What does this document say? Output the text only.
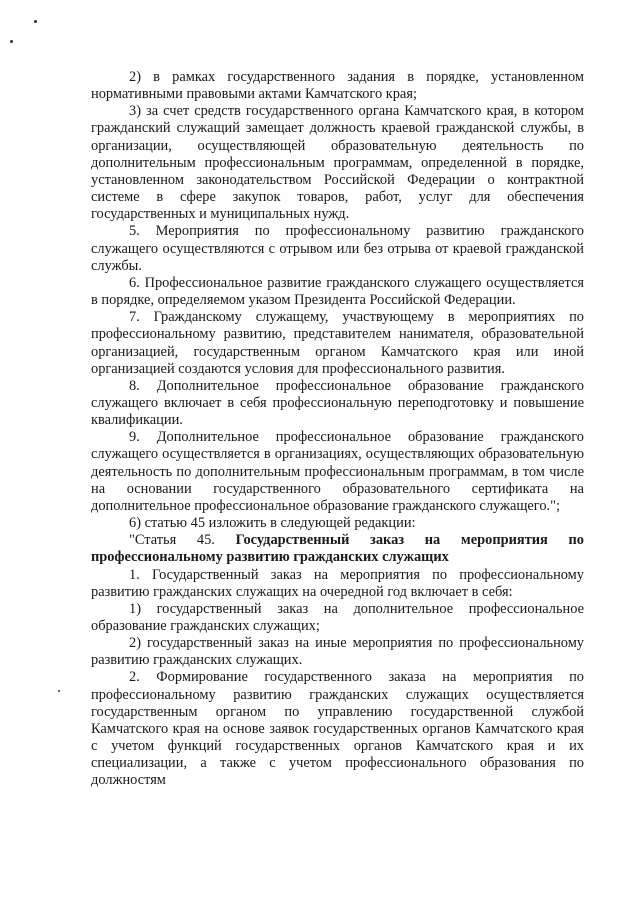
2) в рамках государственного задания в порядке, установленном нормативными правовыми актами Камчатского края;

3) за счет средств государственного органа Камчатского края, в котором гражданский служащий замещает должность краевой гражданской службы, в организации, осуществляющей образовательную деятельность по дополнительным профессиональным программам, определенной в порядке, установленном законодательством Российской Федерации о контрактной системе в сфере закупок товаров, работ, услуг для обеспечения государственных и муниципальных нужд.

5. Мероприятия по профессиональному развитию гражданского служащего осуществляются с отрывом или без отрыва от краевой гражданской службы.

6. Профессиональное развитие гражданского служащего осуществляется в порядке, определяемом указом Президента Российской Федерации.

7. Гражданскому служащему, участвующему в мероприятиях по профессиональному развитию, представителем нанимателя, образовательной организацией, государственным органом Камчатского края или иной организацией создаются условия для профессионального развития.

8. Дополнительное профессиональное образование гражданского служащего включает в себя профессиональную переподготовку и повышение квалификации.

9. Дополнительное профессиональное образование гражданского служащего осуществляется в организациях, осуществляющих образовательную деятельность по дополнительным профессиональным программам, в том числе на основании государственного образовательного сертификата на дополнительное профессиональное образование гражданского служащего.";

6) статью 45 изложить в следующей редакции:

"Статья 45. Государственный заказ на мероприятия по профессиональному развитию гражданских служащих

1. Государственный заказ на мероприятия по профессиональному развитию гражданских служащих на очередной год включает в себя:

1) государственный заказ на дополнительное профессиональное образование гражданских служащих;

2) государственный заказ на иные мероприятия по профессиональному развитию гражданских служащих.

2. Формирование государственного заказа на мероприятия по профессиональному развитию гражданских служащих осуществляется государственным органом по управлению государственной службой Камчатского края на основе заявок государственных органов Камчатского края с учетом функций государственных органов Камчатского края и их специализации, а также с учетом профессионального образования по должностям
